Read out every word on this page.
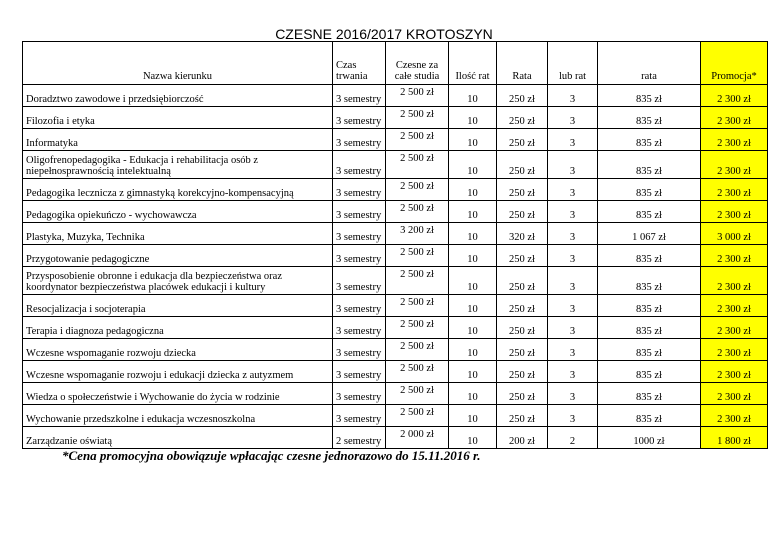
CZESNE 2016/2017 KROTOSZYN
Nazwa kierunku	Czas trwania	Czesne za całe studia	Ilość rat	Rata	lub rat	rata	Promocja*
Doradztwo zawodowe i przedsiębiorczość	3 semestry	2 500 zł	10	250 zł	3	835 zł	2 300 zł
Filozofia i etyka	3 semestry	2 500 zł	10	250 zł	3	835 zł	2 300 zł
Informatyka	3 semestry	2 500 zł	10	250 zł	3	835 zł	2 300 zł
Oligofrenopedagogika - Edukacja i rehabilitacja osób z niepełnosprawnością intelektualną	3 semestry	2 500 zł	10	250 zł	3	835 zł	2 300 zł
Pedagogika lecznicza z gimnastyką korekcyjno-kompensacyjną	3 semestry	2 500 zł	10	250 zł	3	835 zł	2 300 zł
Pedagogika opiekuńczo - wychowawcza	3 semestry	2 500 zł	10	250 zł	3	835 zł	2 300 zł
Plastyka, Muzyka, Technika	3 semestry	3 200 zł	10	320 zł	3	1 067 zł	3 000 zł
Przygotowanie pedagogiczne	3 semestry	2 500 zł	10	250 zł	3	835 zł	2 300 zł
Przysposobienie obronne i edukacja dla bezpieczeństwa oraz koordynator bezpieczeństwa placówek edukacji i kultury	3 semestry	2 500 zł	10	250 zł	3	835 zł	2 300 zł
Resocjalizacja i socjoterapia	3 semestry	2 500 zł	10	250 zł	3	835 zł	2 300 zł
Terapia i diagnoza pedagogiczna	3 semestry	2 500 zł	10	250 zł	3	835 zł	2 300 zł
Wczesne wspomaganie rozwoju dziecka	3 semestry	2 500 zł	10	250 zł	3	835 zł	2 300 zł
Wczesne wspomaganie rozwoju i edukacji dziecka z autyzmem	3 semestry	2 500 zł	10	250 zł	3	835 zł	2 300 zł
Wiedza o społeczeństwie i Wychowanie do życia w rodzinie	3 semestry	2 500 zł	10	250 zł	3	835 zł	2 300 zł
Wychowanie przedszkolne i edukacja wczesnoszkolna	3 semestry	2 500 zł	10	250 zł	3	835 zł	2 300 zł
Zarządzanie oświatą	2 semestry	2 000 zł	10	200 zł	2	1000 zł	1 800 zł
*Cena promocyjna obowiązuje wpłacając czesne jednorazowo do 15.11.2016 r.
